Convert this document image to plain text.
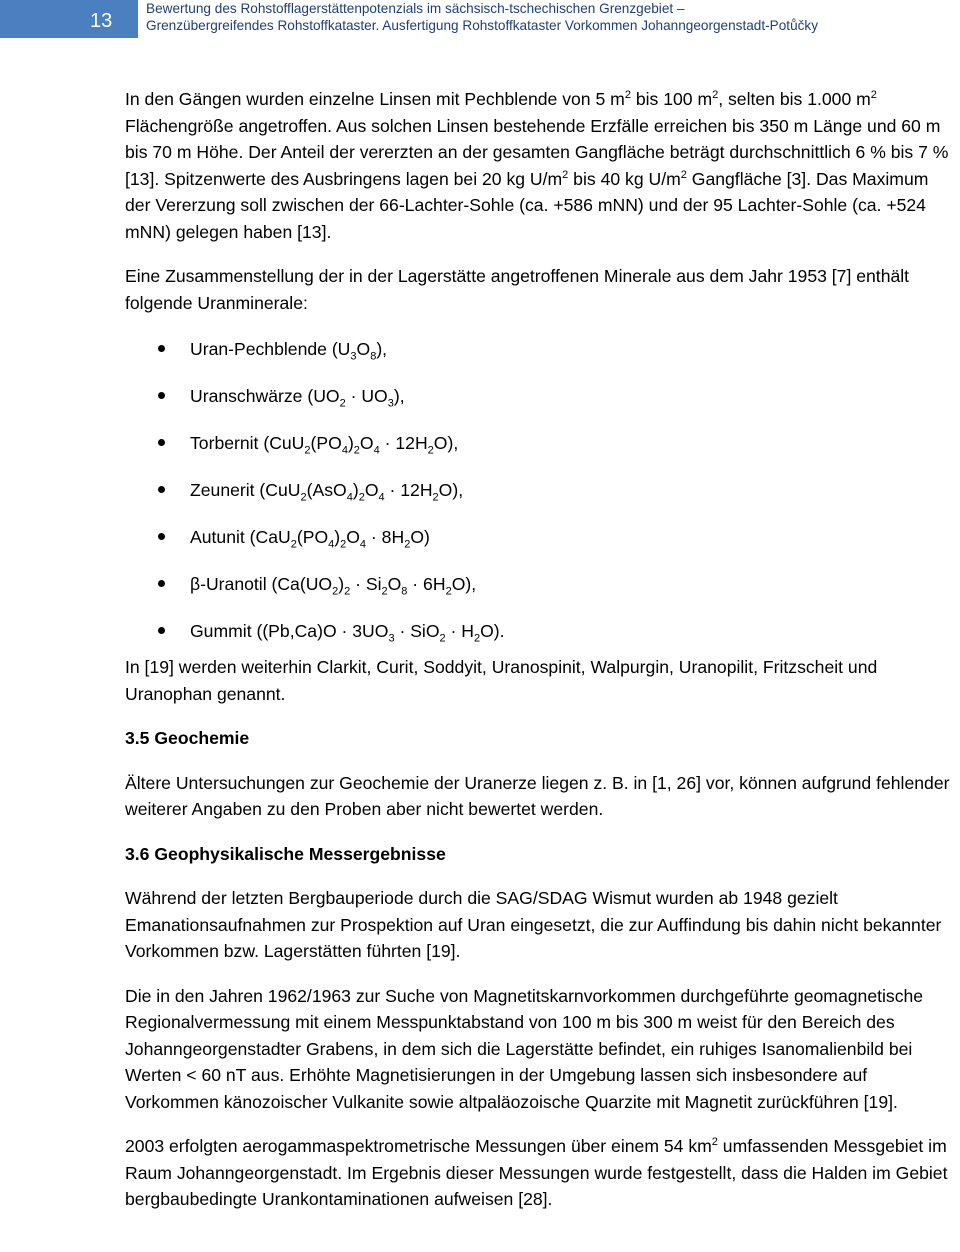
13
Bewertung des Rohstofflagerstättenpotenzials im sächsisch-tschechischen Grenzgebiet –
Grenzübergreifendes Rohstoffkataster. Ausfertigung Rohstoffkataster Vorkommen Johanngeorgenstadt-Potůčky

In den Gängen wurden einzelne Linsen mit Pechblende von 5 $m^2$ bis 100 $m^2$, selten bis 1.000 $m^2$ Flächengröße angetroffen. Aus solchen Linsen bestehende Erzfälle erreichen bis 350 m Länge und 60 m bis 70 m Höhe. Der Anteil der vererzten an der gesamten Gangfläche beträgt durchschnittlich 6 % bis 7 % [13]. Spitzenwerte des Ausbringens lagen bei 20 kg $U/m^2$ bis 40 kg $U/m^2$ Gangfläche [3]. Das Maximum der Vererzung soll zwischen der 66-Lachter-Sohle (ca. +586 mNN) und der 95 Lachter-Sohle (ca. +524 mNN) gelegen haben [13].

Eine Zusammenstellung der in der Lagerstätte angetroffenen Minerale aus dem Jahr 1953 [7] enthält folgende Uranminerale:

Uran-Pechblende $(U_3O_8)$,
Uranschwärze $(UO_2 \cdot UO_3)$,
Torbernit $(CuU_2(PO_4)_2O_4 \cdot 12H_2O)$,
Zeunerit $(CuU_2(AsO_4)_2O_4 \cdot 12H_2O)$,
Autunit $(CaU_2(PO_4)_2O_4 \cdot 8H_2O)$
β-Uranotil $(Ca(UO_2)_2 \cdot Si_2O_8 \cdot 6H_2O)$,
Gummit $((Pb,Ca)O \cdot 3UO_3 \cdot SiO_2 \cdot H_2O)$.

In [19] werden weiterhin Clarkit, Curit, Soddyit, Uranospinit, Walpurgin, Uranopilit, Fritzscheit und Uranophan genannt.

3.5 Geochemie

Ältere Untersuchungen zur Geochemie der Uranerze liegen z. B. in [1, 26] vor, können aufgrund fehlender weiterer Angaben zu den Proben aber nicht bewertet werden.

3.6 Geophysikalische Messergebnisse

Während der letzten Bergbauperiode durch die SAG/SDAG Wismut wurden ab 1948 gezielt Emanationsaufnahmen zur Prospektion auf Uran eingesetzt, die zur Auffindung bis dahin nicht bekannter Vorkommen bzw. Lagerstätten führten [19].

Die in den Jahren 1962/1963 zur Suche von Magnetitskarnvorkommen durchgeführte geomagnetische Regionalvermessung mit einem Messpunktabstand von 100 m bis 300 m weist für den Bereich des Johanngeorgenstadter Grabens, in dem sich die Lagerstätte befindet, ein ruhiges Isanomalienbild bei Werten < 60 nT aus. Erhöhte Magnetisierungen in der Umgebung lassen sich insbesondere auf Vorkommen känozoischer Vulkanite sowie altpaläozoische Quarzite mit Magnetit zurückführen [19].

2003 erfolgten aerogammaspektrometrische Messungen über einem 54 $km^2$ umfassenden Messgebiet im Raum Johanngeorgenstadt. Im Ergebnis dieser Messungen wurde festgestellt, dass die Halden im Gebiet bergbaubedingte Urankontaminationen aufweisen [28].
